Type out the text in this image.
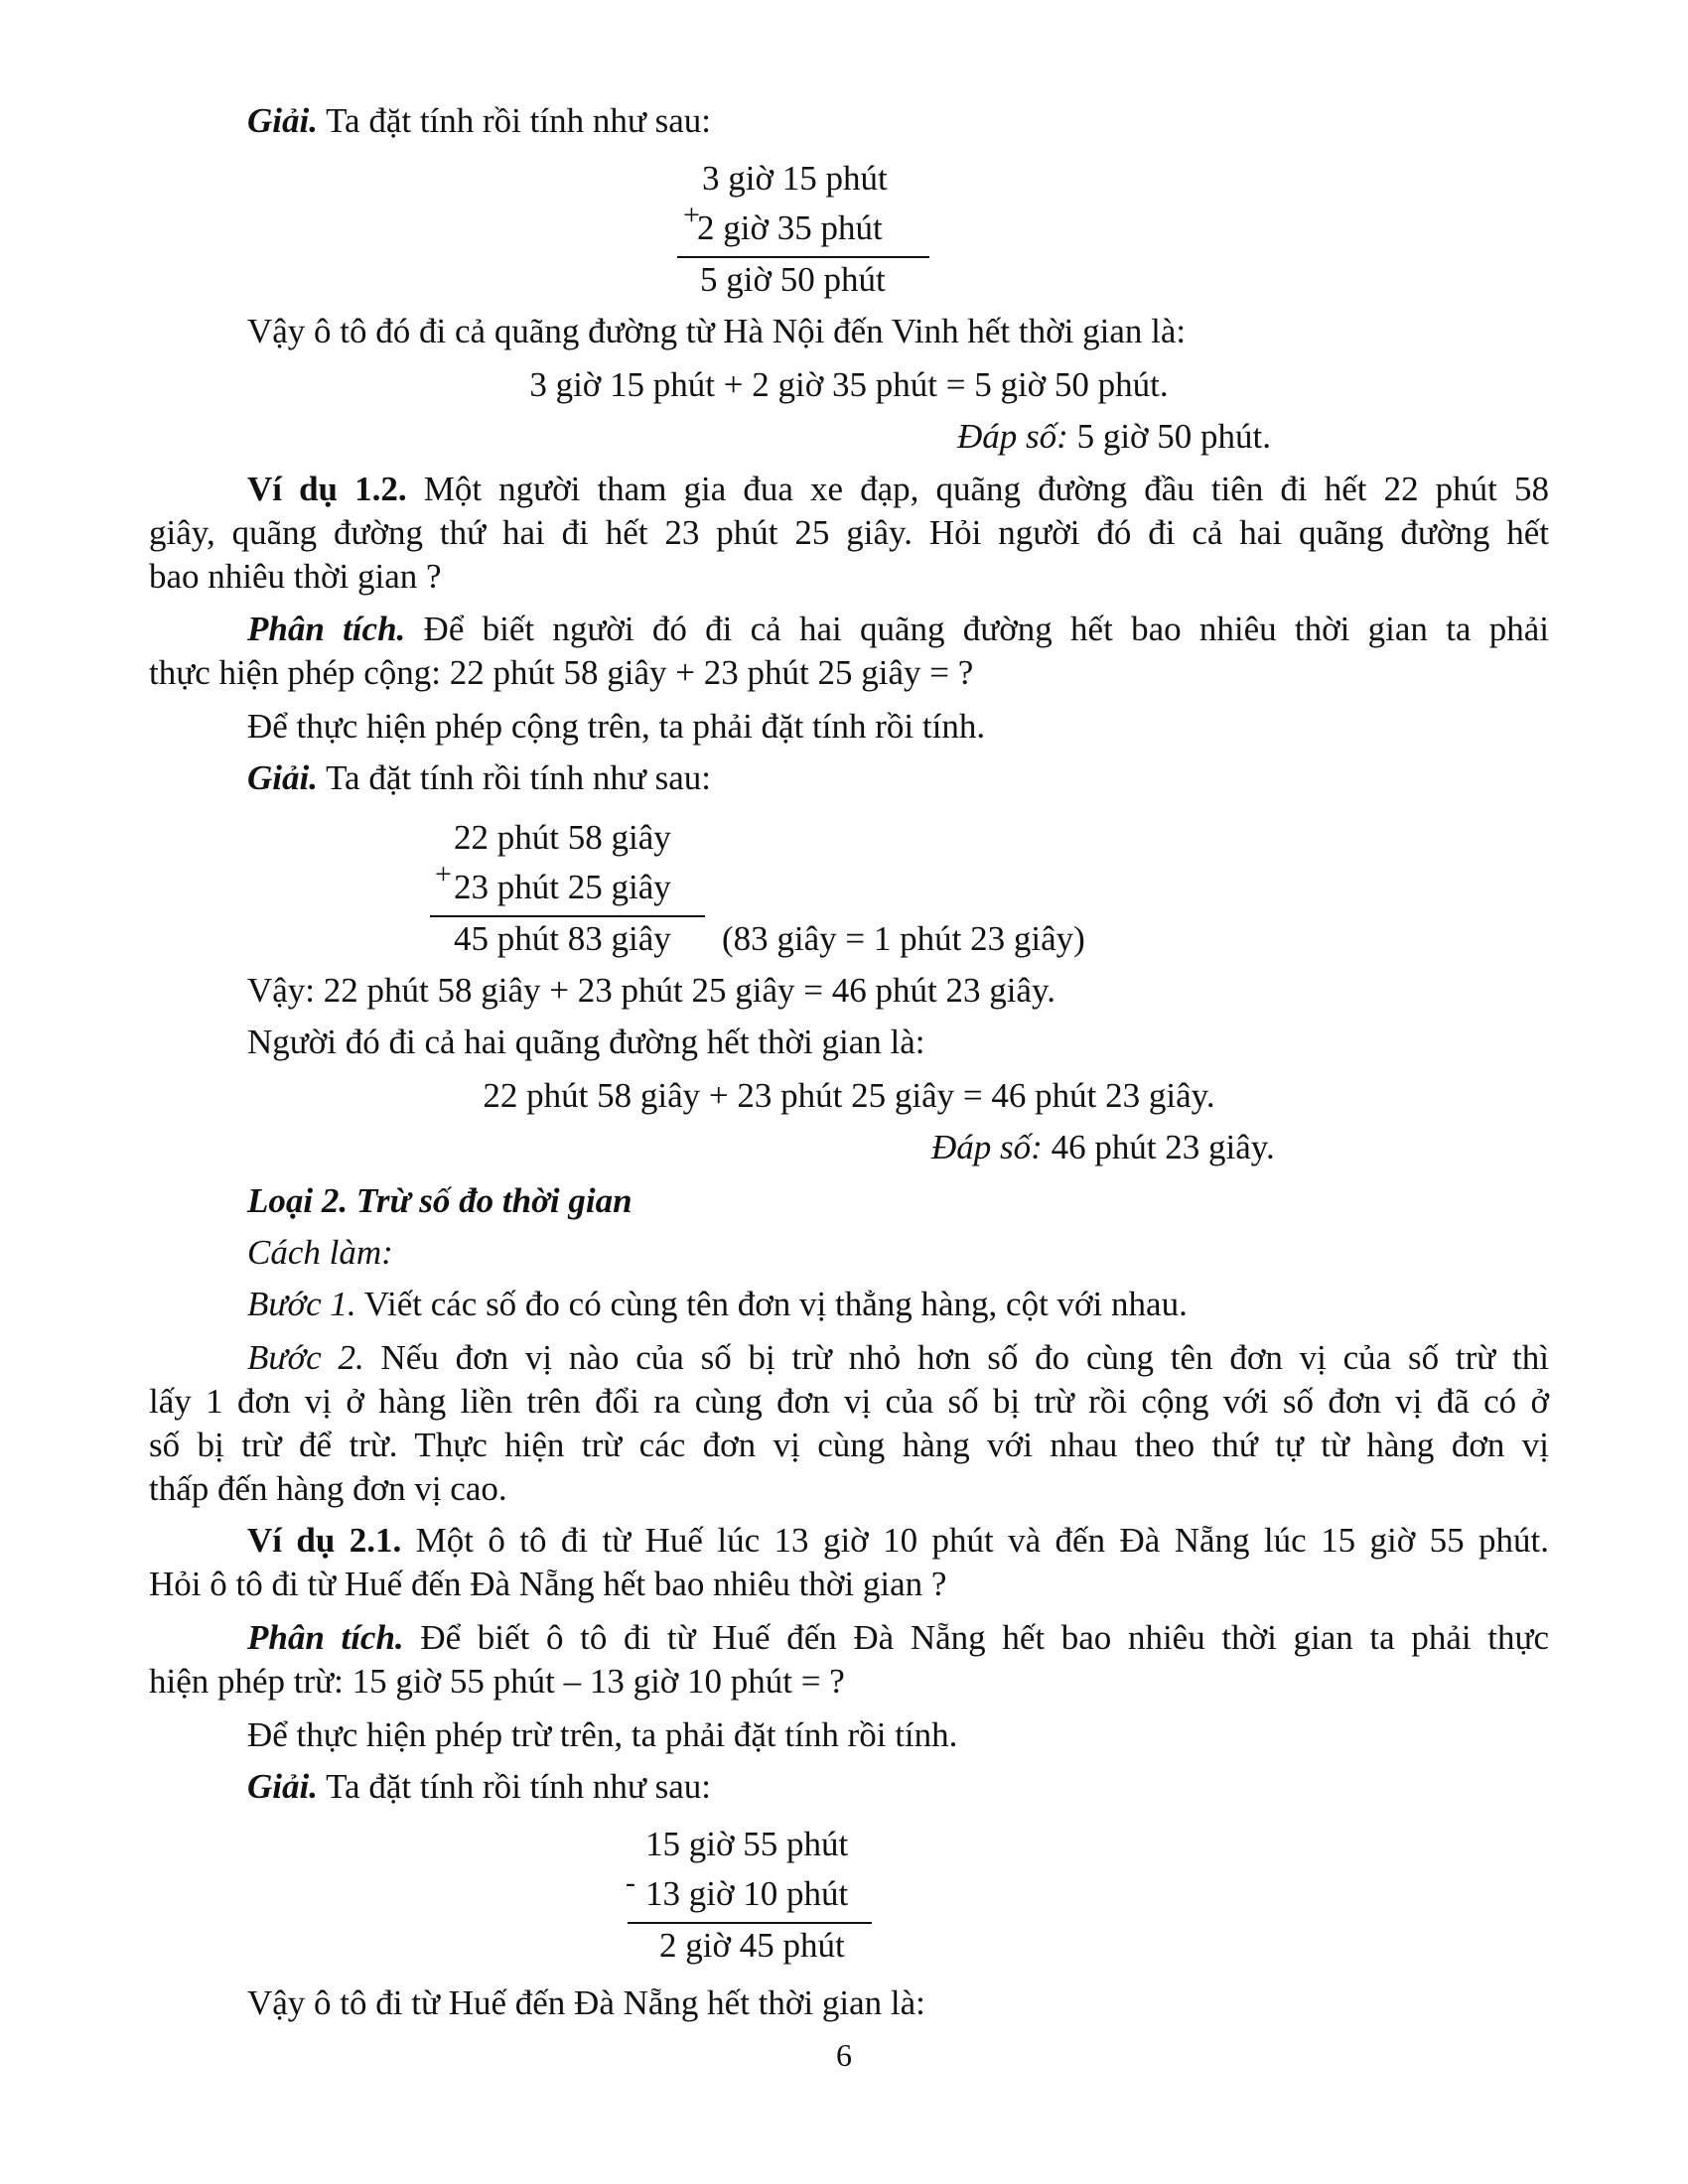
Giải. Ta đặt tính rồi tính như sau:
3 giờ 15 phút
+
2 giờ 35 phút
5 giờ 50 phút
Vậy ô tô đó đi cả quãng đường từ Hà Nội đến Vinh hết thời gian là:
3 giờ 15 phút + 2 giờ 35 phút = 5 giờ 50 phút.
Đáp số: 5 giờ 50 phút.
Ví dụ 1.2. Một người tham gia đua xe đạp, quãng đường đầu tiên đi hết 22 phút 58
giây, quãng đường thứ hai đi hết 23 phút 25 giây. Hỏi người đó đi cả hai quãng đường hết
bao nhiêu thời gian ?
Phân tích. Để biết người đó đi cả hai quãng đường hết bao nhiêu thời gian ta phải
thực hiện phép cộng: 22 phút 58 giây + 23 phút 25 giây = ?
Để thực hiện phép cộng trên, ta phải đặt tính rồi tính.
Giải. Ta đặt tính rồi tính như sau:
22 phút 58 giây
+ 23 phút 25 giây
45 phút 83 giây (83 giây = 1 phút 23 giây)
Vậy: 22 phút 58 giây + 23 phút 25 giây = 46 phút 23 giây.
Người đó đi cả hai quãng đường hết thời gian là:
22 phút 58 giây + 23 phút 25 giây = 46 phút 23 giây.
Đáp số: 46 phút 23 giây.
Loại 2. Trừ số đo thời gian
Cách làm:
Bước 1. Viết các số đo có cùng tên đơn vị thẳng hàng, cột với nhau.
Bước 2. Nếu đơn vị nào của số bị trừ nhỏ hơn số đo cùng tên đơn vị của số trừ thì
lấy 1 đơn vị ở hàng liền trên đổi ra cùng đơn vị của số bị trừ rồi cộng với số đơn vị đã có ở
số bị trừ để trừ. Thực hiện trừ các đơn vị cùng hàng với nhau theo thứ tự từ hàng đơn vị
thấp đến hàng đơn vị cao.
Ví dụ 2.1. Một ô tô đi từ Huế lúc 13 giờ 10 phút và đến Đà Nẵng lúc 15 giờ 55 phút.
Hỏi ô tô đi từ Huế đến Đà Nẵng hết bao nhiêu thời gian ?
Phân tích. Để biết ô tô đi từ Huế đến Đà Nẵng hết bao nhiêu thời gian ta phải thực
hiện phép trừ: 15 giờ 55 phút – 13 giờ 10 phút = ?
Để thực hiện phép trừ trên, ta phải đặt tính rồi tính.
Giải. Ta đặt tính rồi tính như sau:
15 giờ 55 phút
- 13 giờ 10 phút
2 giờ 45 phút
Vậy ô tô đi từ Huế đến Đà Nẵng hết thời gian là:
6
